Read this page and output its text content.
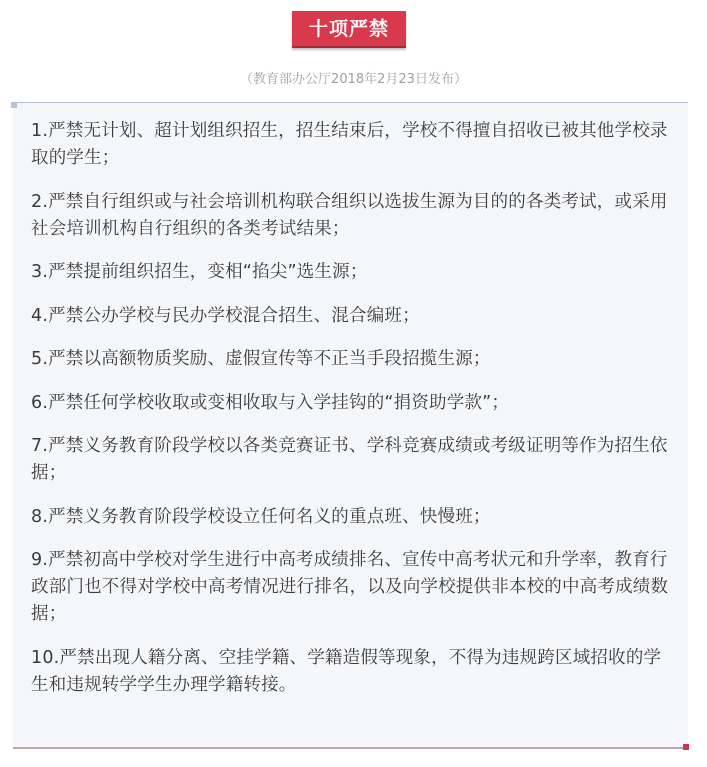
十项严禁
（教育部办公厅2018年2月23日发布）
1.严禁无计划、超计划组织招生，招生结束后，学校不得擅自招收已被其他学校录取的学生；
2.严禁自行组织或与社会培训机构联合组织以选拔生源为目的的各类考试，或采用社会培训机构自行组织的各类考试结果；
3.严禁提前组织招生，变相“掐尖”选生源；
4.严禁公办学校与民办学校混合招生、混合编班；
5.严禁以高额物质奖励、虚假宣传等不正当手段招揽生源；
6.严禁任何学校收取或变相收取与入学挂钩的“捐资助学款”；
7.严禁义务教育阶段学校以各类竞赛证书、学科竞赛成绩或考级证明等作为招生依据；
8.严禁义务教育阶段学校设立任何名义的重点班、快慢班；
9.严禁初高中学校对学生进行中高考成绩排名、宣传中高考状元和升学率，教育行政部门也不得对学校中高考情况进行排名，以及向学校提供非本校的中高考成绩数据；
10.严禁出现人籍分离、空挂学籍、学籍造假等现象，不得为违规跨区域招收的学生和违规转学学生办理学籍转接。
